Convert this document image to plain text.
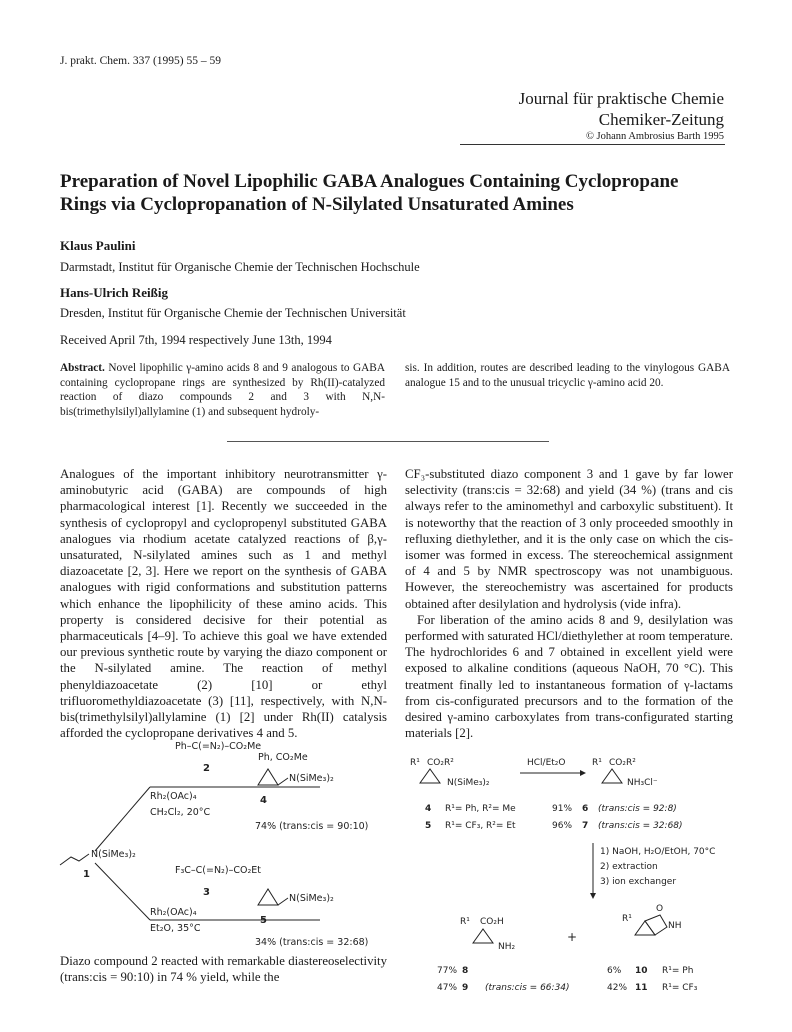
J. prakt. Chem. 337 (1995) 55 – 59
Journal für praktische Chemie
Chemiker-Zeitung
© Johann Ambrosius Barth 1995
Preparation of Novel Lipophilic GABA Analogues Containing Cyclopropane
Rings via Cyclopropanation of N-Silylated Unsaturated Amines
Klaus Paulini
Darmstadt, Institut für Organische Chemie der Technischen Hochschule
Hans-Ulrich Reißig
Dresden, Institut für Organische Chemie der Technischen Universität
Received April 7th, 1994 respectively June 13th, 1994
Abstract. Novel lipophilic γ-amino acids 8 and 9 analogous to GABA containing cyclopropane rings are synthesized by Rh(II)-catalyzed reaction of diazo compounds 2 and 3 with N,N-bis(trimethylsilyl)allylamine (1) and subsequent hydroly-
sis. In addition, routes are described leading to the vinylogous GABA analogue 15 and to the unusual tricyclic γ-amino acid 20.

Analogues of the important inhibitory neurotransmitter γ-aminobutyric acid (GABA) are compounds of high pharmacological interest [1]. Recently we succeeded in the synthesis of cyclopropyl and cyclopropenyl substituted GABA analogues via rhodium acetate catalyzed reactions of β,γ-unsaturated, N-silylated amines such as 1 and methyl diazoacetate [2, 3]. Here we report on the synthesis of GABA analogues with rigid conformations and substitution patterns which enhance the lipophilicity of these amino acids. This property is considered decisive for their potential as pharmaceuticals [4–9]. To achieve this goal we have extended our previous synthetic route by varying the diazo component or the N-silylated amine. The reaction of methyl phenyldiazoacetate (2) [10] or ethyl trifluoromethyldiazoacetate (3) [11], respectively, with N,N-bis(trimethylsilyl)allylamine (1) [2] under Rh(II) catalysis afforded the cyclopropane derivatives 4 and 5.

CF₃-substituted diazo component 3 and 1 gave by far lower selectivity (trans:cis = 32:68) and yield (34 %) (trans and cis always refer to the aminomethyl and carboxylic substituent). It is noteworthy that the reaction of 3 only proceeded smoothly in refluxing diethylether, and it is the only case on which the cis-isomer was formed in excess. The stereochemical assignment of 4 and 5 by NMR spectroscopy was not unambiguous. However, the stereochemistry was ascertained for products obtained after desilylation and hydrolysis (vide infra).

For liberation of the amino acids 8 and 9, desilylation was performed with saturated HCl/diethylether at room temperature. The hydrochlorides 6 and 7 obtained in excellent yield were exposed to alkaline conditions (aqueous NaOH, 70 °C). This treatment finally led to instantaneous formation of γ-lactams from cis-configurated precursors and to the formation of the desired γ-amino carboxylates from trans-configurated starting materials [2].

Ph–C(=N₂)–CO₂Me
2
Ph, CO₂Me
N(SiMe₃)₂
4
Rh₂(OAc)₄
CH₂Cl₂, 20°C
74% (trans:cis = 90:10)
N(SiMe₃)₂
1	F₃C–C(=N₂)–CO₂Et
3
N(SiMe₃)₂
5
Rh₂(OAc)₄
Et₂O, 35°C
34% (trans:cis = 32:68)

Diazo compound 2 reacted with remarkable diastereoselectivity (trans:cis = 90:10) in 74 % yield, while the

R¹ CO₂R²
N(SiMe₃)₂
HCl/Et₂O	R¹ CO₂R²
NH₃Cl⁻
4 R¹= Ph, R²= Me	91% 6 (trans:cis = 92:8)
5 R¹= CF₃, R²= Et	96% 7 (trans:cis = 32:68)
1) NaOH, H₂O/EtOH, 70°C
2) extraction
3) ion exchanger
R¹ CO₂H
NH₂
+
R¹
O
NH
77% 8	6% 10 R¹= Ph
47% 9 (trans:cis = 66:34)	42% 11 R¹= CF₃
